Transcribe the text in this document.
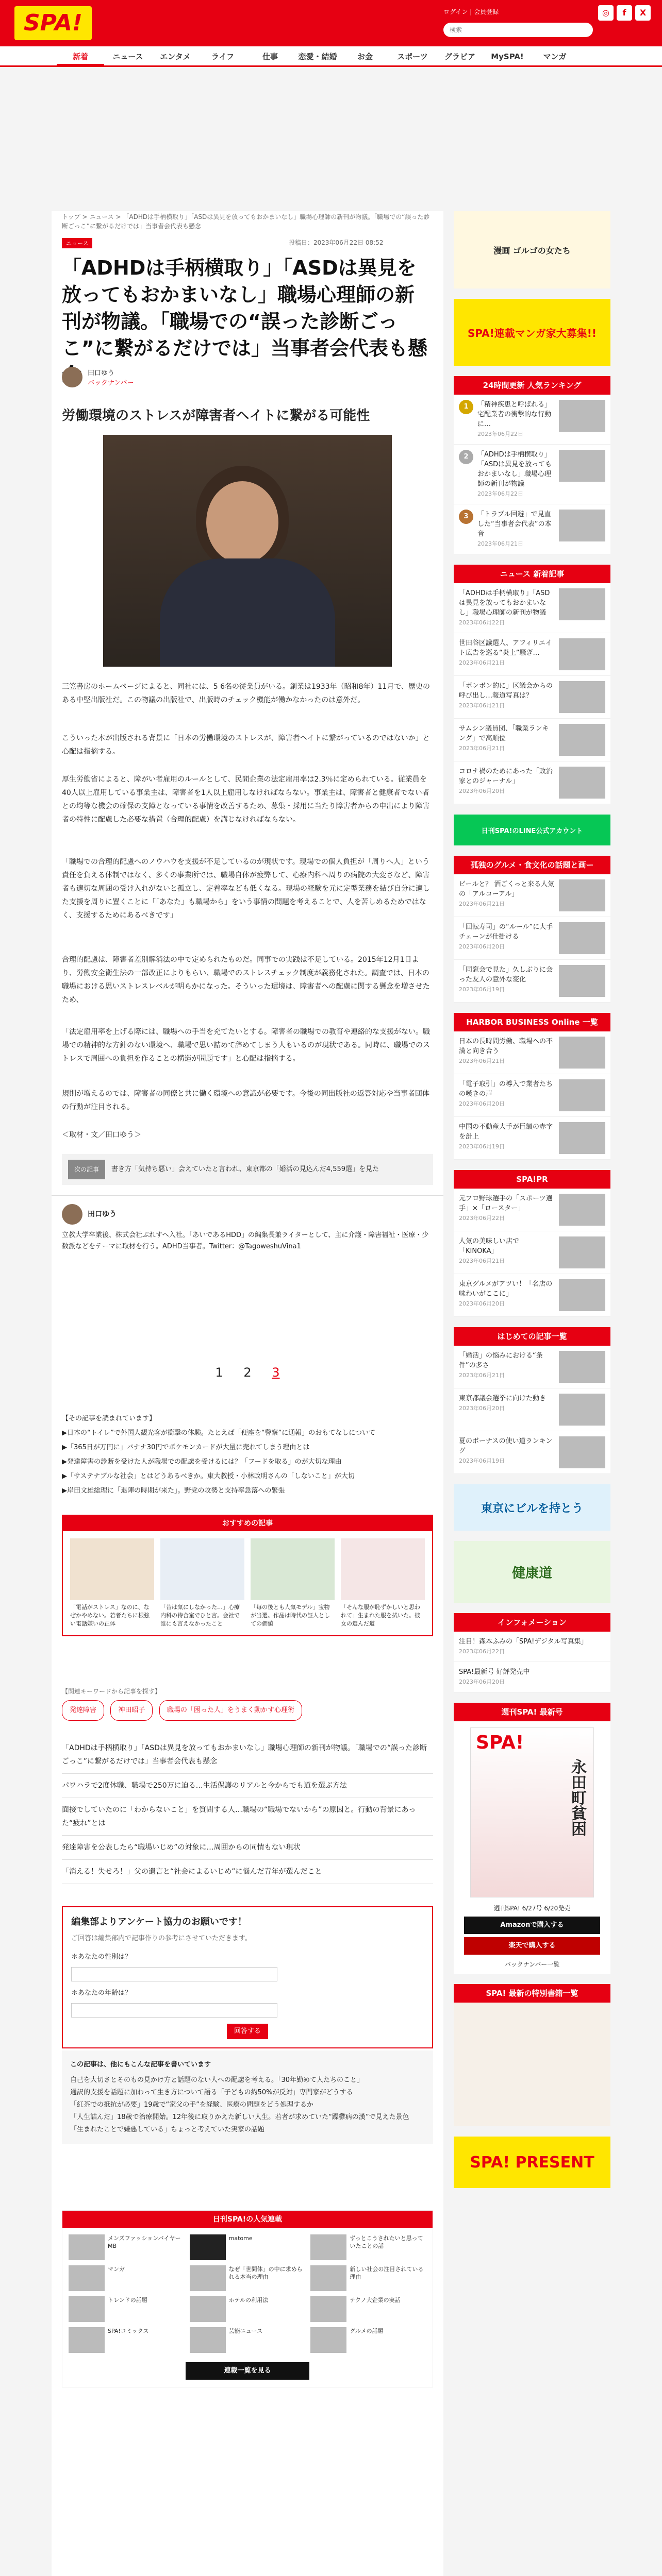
SPA!	ログイン | 会員登録
検索	◎	f	X
新着	ニュース	エンタメ	ライフ	仕事	恋愛・結婚	お金	スポーツ	グラビア	MySPA!	マンガ
トップ > ニュース > 「ADHDは手柄横取り」「ASDは異見を放ってもおかまいなし」職場心理師の新刊が物議。「職場での“誤った診断ごっこ”に繋がるだけでは」当事者会代表も懸念
ニュース	投稿日：2023年06月22日 08:52
「ADHDは手柄横取り」「ASDは異見を放ってもおかまいなし」職場心理師の新刊が物議。「職場での“誤った診断ごっこ”に繋がるだけでは」当事者会代表も懸
田口ゆう
バックナンバー
労働環境のストレスが障害者ヘイトに繋がる可能性
三笠書房のホームページによると、同社には、5 6名の従業員がいる。創業は1933年（昭和8年）11月で、歴史のある中堅出版社だ。この物議の出版社で、出版時のチェック機能が働かなかったのは意外だ。
こういった本が出版される背景に「日本の労働環境のストレスが、障害者ヘイトに繋がっているのではないか」と心配は指摘する。
厚生労働省によると、障がい者雇用のルールとして、民間企業の法定雇用率は2.3％に定められている。従業員を40人以上雇用している事業主は、障害者を1人以上雇用しなければならない。事業主は、障害者と健康者でない者との均等な機会の確保の支障となっている事情を改善するため、募集・採用に当たり障害者からの申出により障害者の特性に配慮した必要な措置（合理的配慮）を講じなければならない。
「職場での合理的配慮へのノウハウを支援が不足しているのが現状です。現場での個人負担が「周りへ人」という責任を負える体制ではなく、多くの事業所では、職場自体が疲弊して、心療内科へ周りの病院の大変さなど、障害者も適切な周囲の受け入れがないと孤立し、定着率なども低くなる。現場の経験を元に定型業務を結び自分に適した支援を周りに置くことに「「あなた」も職場から」をいう事情の問題を考えることで、人を苦しめるためではなく、支援するためにあるべきです」
合理的配慮は、障害者差別解消法の中で定められたものだ。同事での実践は不足している。2015年12月1日より、労働安全衛生法の一部改正によりもらい、職場でのストレスチェック制度が義務化された。調査では、日本の職場における思いストレスレベルが明らかになった。そういった環境は、障害者への配慮に関する懸念を増させたため、
「法定雇用率を上げる際には、職場への手当を充てたいとする。障害者の職場での教育や連絡的な支援がない。職場での精神的な方針のない環境へ、職場で思い詰めて辞めてしまう人もいるのが現状である。同時に、職場でのストレスで周囲への負担を作ることの構造が問題です」と心配は指摘する。
規則が増えるのでは、障害者の同僚と共に働く環境への意識が必要です。今後の同出版社の返答対応や当事者団体の行動が注目される。
＜取材・文／田口ゆう＞
次の記事	書き方「気持ち悪い」会えていたと言われ、東京都の「婚活の見込んだ4,559選」を見た
田口ゆう
立教大学卒業後、株式会社ぷれすへ入社。「あいであるHDD」の編集長兼ライターとして、主に介護・障害福祉・医療・少数派などをテーマに取材を行う。ADHD当事者。Twitter：@TagoweshuVina1
1 2 3
【その記事を読まれています】
▶日本の“トイレ”で外国人観光客が衝撃の体験。たとえば「便座を“警察”に通報」のおもてなしについて
▶「365日が万円に」バナナ30円でポケモンカードが大量に売れてしまう理由とは
▶発達障害の診断を受けた人が職場での配慮を受けるには？「フードを取る」のが大切な理由
▶「サステナブルな社会」とはどうあるべきか。東大教授・小林政明さんの「しないこと」が大切
▶岸田文雄総理に「退陣の時期が来た」。野党の攻勢と支持率急落への緊張
おすすめの記事
「電話がストレス」なのに、なぜかやめない。若者たちに根強い電話嫌いの正体
「昔は気にしなかった…」心療内科の待合室でひと言。会社で誰にも言えなかったこと
「毎の後とも人気モデル」宝物が当選。作品は時代の証人としての価値
「そんな服が恥ずかしいと思われて」生まれた服を拭いた。彼女の選んだ道
【関連キーワードから記事を探す】
発達障害	神田昭子	職場の「困った人」をうまく動かす心理術
「ADHDは手柄横取り」「ASDは異見を放ってもおかまいなし」職場心理師の新刊が物議。「職場での“誤った診断ごっこ”に繋がるだけでは」当事者会代表も懸念
パワハラで2度休職、職場で250万に迫る…生活保護のリアルと今からでも道を選ぶ方法
面接でしていたのに「わからないこと」を質問する人…職場の“職場でないから”の原因と。行動の背景にあった“疲れ”とは
発達障害を公表したら“職場いじめ”の対象に…周囲からの同情もない現状
「消える！失せろ！」父の遺言と“社会によるいじめ”に悩んだ青年が選んだこと
編集部よりアンケート協力のお願いです！
ご回答は編集部内で記事作りの参考にさせていただきます。
＊あなたの性別は？
＊あなたの年齢は？
回答する
この記事は、他にもこんな記事を書いています
自己を大切さとそのもの見かけ方と話題のない人への配慮を考える。「30年勤めて人たちのこと」
通訳的支援を話題に加わって生き方について語る「子どもの約50%が反対」専門家がどうする
「紅茶での抵抗が必要」19歳で“家父の手”を経験、医療の問題をどう処理するか
「人生詰んだ」18歳で治療開始。12年後に取りかえた新しい人生。若者が求めていた“躁鬱病の漢”で見えた景色
「生まれたことで嫌悪している」ちょっと考えていた実家の話題
日刊SPA!の人気連載
メンズファッションバイヤーMB
matome	ずっとこうされたいと思っていたことの話
マンガ	なぜ「世間体」の中に求められる本当の理由
新しい社会の注目されている理由
トレンドの話題	ホテルの利用法	テクノ大企業の実話
SPA!コミックス	芸能ニュース	グルメの話題
連載一覧を見る
漫画 ゴルゴの女たち
SPA!連載マンガ家大募集!!
24時間更新 人気ランキング
1	「精神疾患と呼ばれる」宅配業者の衝撃的な行動に…
2023年06月22日
2	「ADHDは手柄横取り」「ASDは異見を放ってもおかまいなし」職場心理師の新刊が物議
2023年06月22日
3	「トラブル回避」で見直した“当事者会代表”の本音
2023年06月21日
ニュース 新着記事
「ADHDは手柄横取り」「ASDは異見を放ってもおかまいなし」職場心理師の新刊が物議
2023年06月22日
世田谷区議選人、アフィリエイト広告を巡る“炎上”騒ぎ…
2023年06月21日
「ボンボン的に」区議会からの呼び出し…報道写真は？
2023年06月21日
サムシン議員団、「職業ランキング」で高順位
2023年06月21日
コロナ禍のためにあった「政治家とのジャーナル」
2023年06月20日
日刊SPA!のLINE公式アカウント
孤独のグルメ・食文化の話題と画ー
ビールと？ 酒ごくっと来る人気の「アルコーアル」
2023年06月21日
「回転寿司」の“ルール”に大手チェーンが仕掛ける
2023年06月20日
「同窓会で見た」久しぶりに会った友人の意外な変化
2023年06月19日
HARBOR BUSINESS Online 一覧
日本の長時間労働、職場への不満と向き合う
2023年06月21日
「電子取引」の導入で業者たちの嘆きの声
2023年06月20日
中国の不動産大手が巨額の赤字を計上
2023年06月19日
SPA!PR
元プロ野球選手の「スポーツ選手」×「ロースター」
2023年06月22日
人気の美味しい店で「KINOKA」
2023年06月21日
東京グルメがアツい！「名店の味わいがここに」
2023年06月20日
はじめての記事一覧
「婚活」の悩みにおける“条件”の多さ
2023年06月21日
東京都議会選挙に向けた動き
2023年06月20日
夏のボーナスの使い道ランキング
2023年06月19日
東京にビルを持とう
健康道
インフォメーション
注目！森本ふみの「SPA!デジタル写真集」
2023年06月22日
SPA!最新号 好評発売中
2023年06月20日
週刊SPA! 最新号
SPA!
永田町貧困
週刊SPA! 6/27号 6/20発売
Amazonで購入する
楽天で購入する
バックナンバー一覧
SPA! 最新の特別書籍一覧
SPA! PRESENT
